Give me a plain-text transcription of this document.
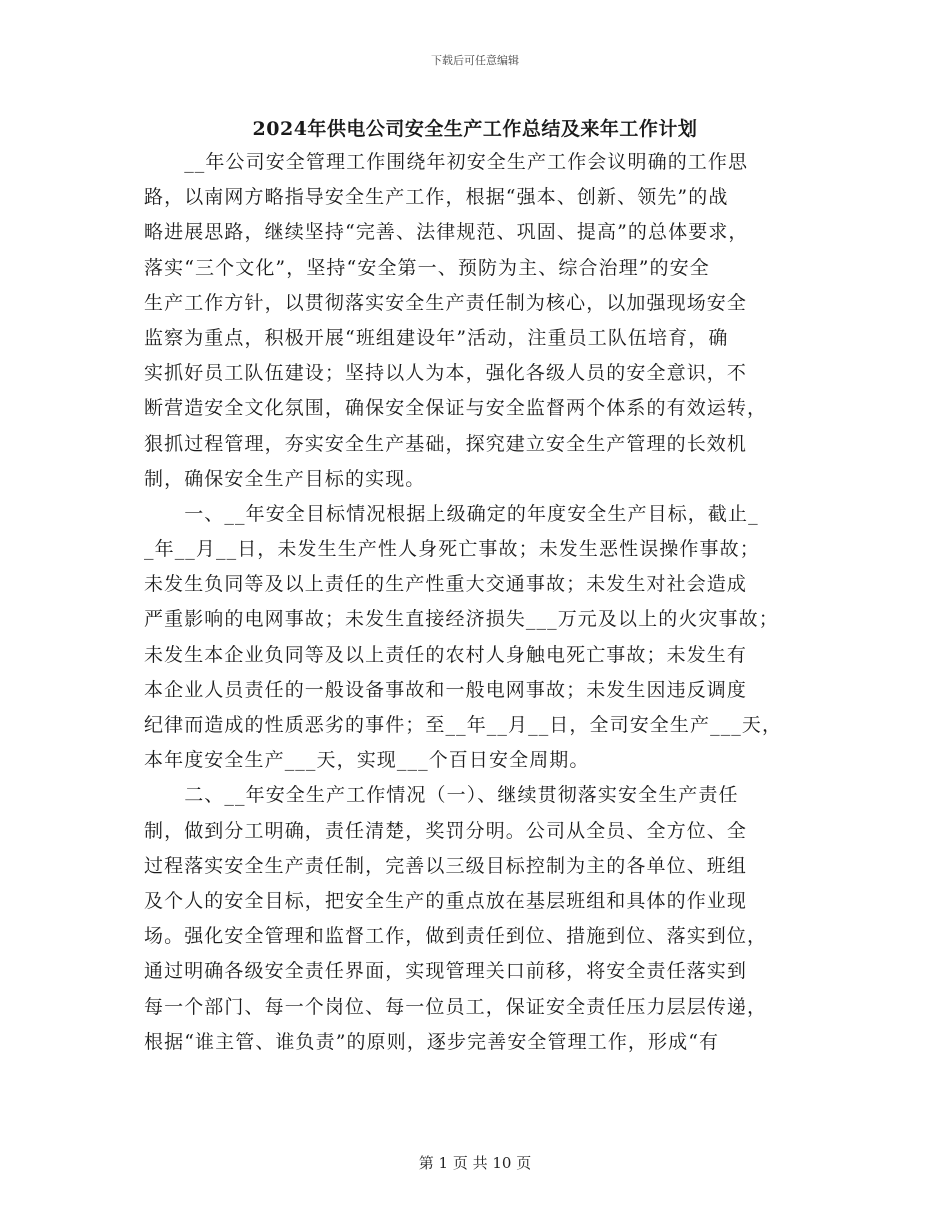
下载后可任意编辑
2024年供电公司安全生产工作总结及来年工作计划
　　__年公司安全管理工作围绕年初安全生产工作会议明确的工作思
路，以南网方略指导安全生产工作，根据“强本、创新、领先”的战
略进展思路，继续坚持“完善、法律规范、巩固、提高”的总体要求，
落实“三个文化”，坚持“安全第一、预防为主、综合治理”的安全
生产工作方针，以贯彻落实安全生产责任制为核心，以加强现场安全
监察为重点，积极开展“班组建设年”活动，注重员工队伍培育，确
实抓好员工队伍建设；坚持以人为本，强化各级人员的安全意识，不
断营造安全文化氛围，确保安全保证与安全监督两个体系的有效运转，
狠抓过程管理，夯实安全生产基础，探究建立安全生产管理的长效机
制，确保安全生产目标的实现。
　　一、__年安全目标情况根据上级确定的年度安全生产目标，截止_
_年__月__日，未发生生产性人身死亡事故；未发生恶性误操作事故；
未发生负同等及以上责任的生产性重大交通事故；未发生对社会造成
严重影响的电网事故；未发生直接经济损失___万元及以上的火灾事故；
未发生本企业负同等及以上责任的农村人身触电死亡事故；未发生有
本企业人员责任的一般设备事故和一般电网事故；未发生因违反调度
纪律而造成的性质恶劣的事件；至__年__月__日，全司安全生产___天，
本年度安全生产___天，实现___个百日安全周期。
　　二、__年安全生产工作情况（一）、继续贯彻落实安全生产责任
制，做到分工明确，责任清楚，奖罚分明。公司从全员、全方位、全
过程落实安全生产责任制，完善以三级目标控制为主的各单位、班组
及个人的安全目标，把安全生产的重点放在基层班组和具体的作业现
场。强化安全管理和监督工作，做到责任到位、措施到位、落实到位，
通过明确各级安全责任界面，实现管理关口前移，将安全责任落实到
每一个部门、每一个岗位、每一位员工，保证安全责任压力层层传递，
根据“谁主管、谁负责”的原则，逐步完善安全管理工作，形成“有
第 1 页 共 10 页
